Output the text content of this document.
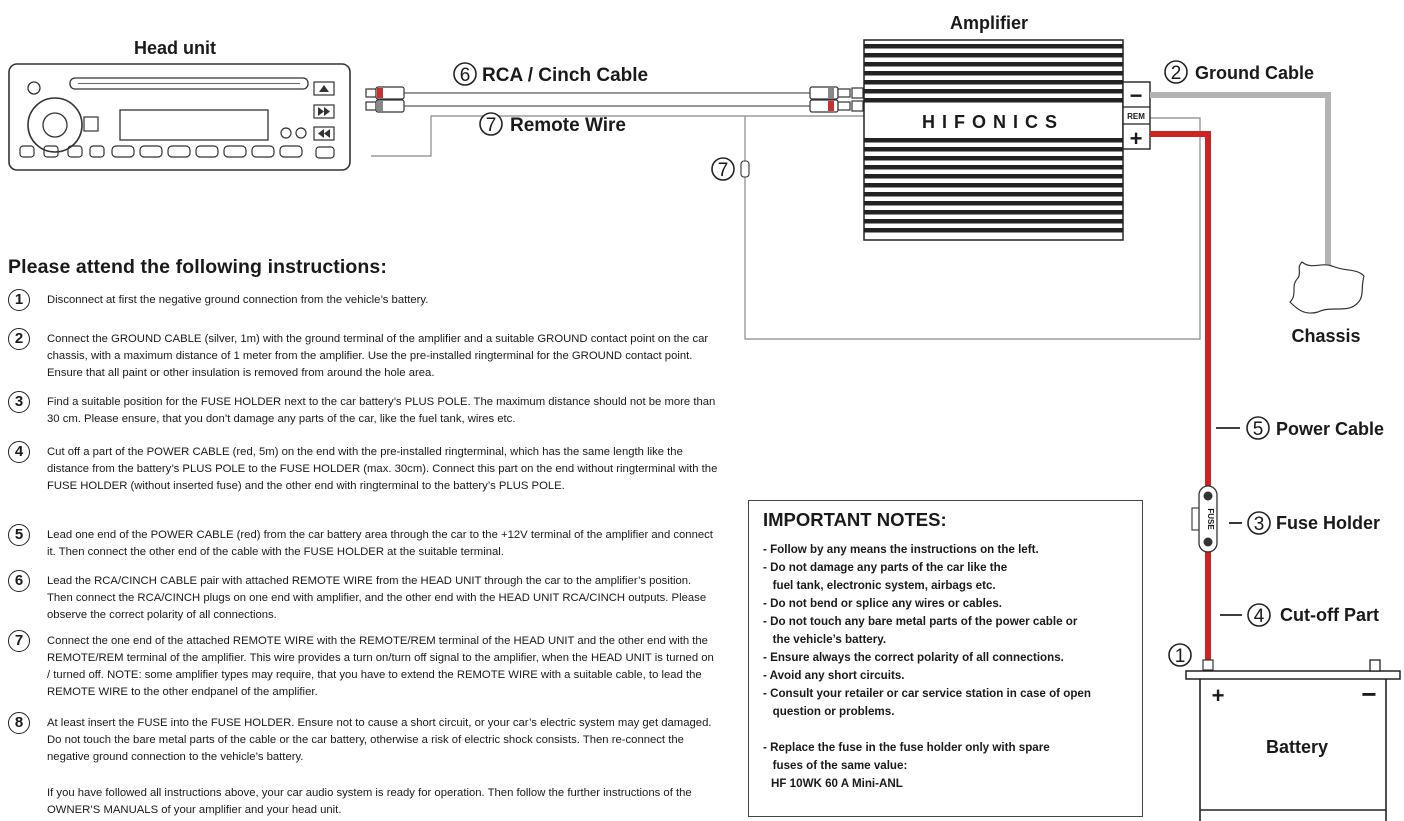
Head unit
6 RCA / Cinch Cable
7 Remote Wire
7
Amplifier
HIFONICS
−
REM
+
2 Ground Cable
Chassis
5 Power Cable
FUSE 3 Fuse Holder
4 Cut-off Part
+	−
Battery
1
Please attend the following instructions:
1	Disconnect at first the negative ground connection from the vehicle’s battery.
2	Connect the GROUND CABLE (silver, 1m) with the ground terminal of the amplifier and a suitable GROUND contact point on the car chassis, with a maximum distance of 1 meter from the amplifier. Use the pre-installed ringterminal for the GROUND contact point. Ensure that all paint or other insulation is removed from around the hole area.
3	Find a suitable position for the FUSE HOLDER next to the car battery’s PLUS POLE. The maximum distance should not be more than 30 cm. Please ensure, that you don’t damage any parts of the car, like the fuel tank, wires etc.
4	Cut off a part of the POWER CABLE (red, 5m) on the end with the pre-installed ringterminal, which has the same length like the distance from the battery’s PLUS POLE to the FUSE HOLDER (max. 30cm). Connect this part on the end without ringterminal with the FUSE HOLDER (without inserted fuse) and the other end with ringterminal to the battery’s PLUS POLE.
5	Lead one end of the POWER CABLE (red) from the car battery area through the car to the +12V terminal of the amplifier and connect it. Then connect the other end of the cable with the FUSE HOLDER at the suitable terminal.
6	Lead the RCA/CINCH CABLE pair with attached REMOTE WIRE from the HEAD UNIT through the car to the amplifier’s position. Then connect the RCA/CINCH plugs on one end with amplifier, and the other end with the HEAD UNIT RCA/CINCH outputs. Please observe the correct polarity of all connections.
7	Connect the one end of the attached REMOTE WIRE with the REMOTE/REM terminal of the HEAD UNIT and the other end with the REMOTE/REM terminal of the amplifier. This wire provides a turn on/turn off signal to the amplifier, when the HEAD UNIT is turned on / turned off. NOTE: some amplifier types may require, that you have to extend the REMOTE WIRE with a suitable cable, to lead the REMOTE WIRE to the other endpanel of the amplifier.
8	At least insert the FUSE into the FUSE HOLDER. Ensure not to cause a short circuit, or your car’s electric system may get damaged. Do not touch the bare metal parts of the cable or the car battery, otherwise a risk of electric shock consists. Then re-connect the negative ground connection to the vehicle’s battery.
If you have followed all instructions above, your car audio system is ready for operation. Then follow the further instructions of the OWNER’S MANUALS of your amplifier and your head unit.
IMPORTANT NOTES:
- Follow by any means the instructions on the left.
- Do not damage any parts of the car like the
fuel tank, electronic system, airbags etc.
- Do not bend or splice any wires or cables.
- Do not touch any bare metal parts of the power cable or
the vehicle’s battery.
- Ensure always the correct polarity of all connections.
- Avoid any short circuits.
- Consult your retailer or car service station in case of open
question or problems.
- Replace the fuse in the fuse holder only with spare
fuses of the same value:
HF 10WK 60 A Mini-ANL
